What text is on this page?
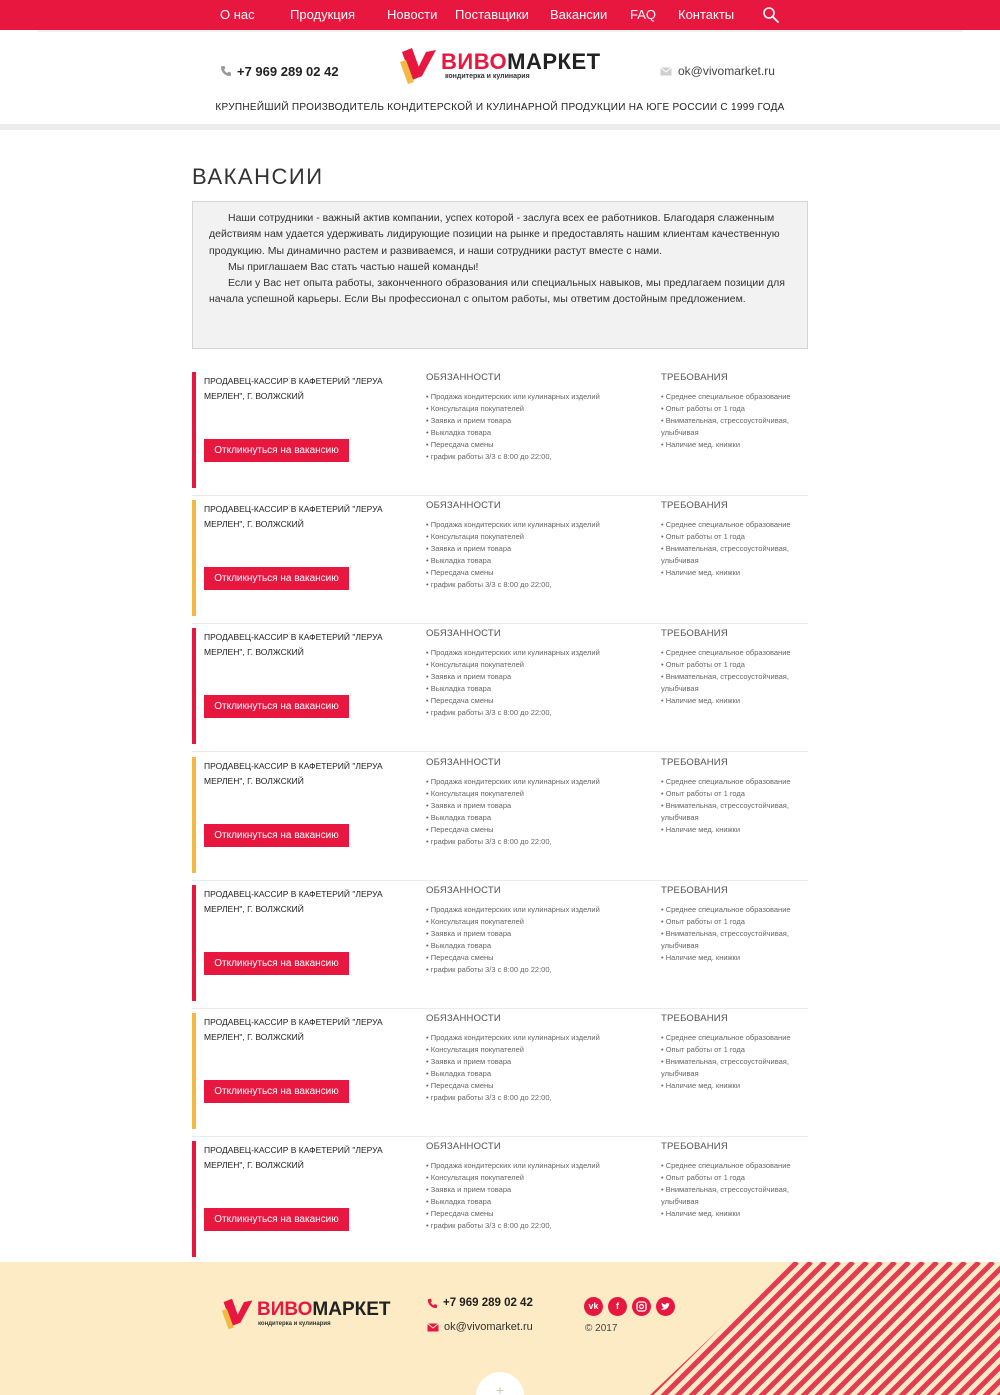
О нас	Продукция Новости Поставщики Вакансии FAQ Контакты
+7 969 289 02 42	ВИВОМАРКЕТ
кондитерка и кулинария	ok@vivomarket.ru
КРУПНЕЙШИЙ ПРОИЗВОДИТЕЛЬ КОНДИТЕРСКОЙ И КУЛИНАРНОЙ ПРОДУКЦИИ НА ЮГЕ РОССИИ С 1999 ГОДА
ВАКАНСИИ

Наши сотрудники - важный актив компании, успех которой - заслуга всех ее работников. Благодаря слаженным действиям нам удается удерживать лидирующие позиции на рынке и предоставлять нашим клиентам качественную продукцию. Мы динамично растем и развиваемся, и наши сотрудники растут вместе с нами.

Мы приглашаем Вас стать частью нашей команды!

Если у Вас нет опыта работы, законченного образования или специальных навыков, мы предлагаем позиции для начала успешной карьеры. Если Вы профессионал с опытом работы, мы ответим достойным предложением.

ПРОДАВЕЦ-КАССИР В КАФЕТЕРИЙ "ЛЕРУА МЕРЛЕН", Г. ВОЛЖСКИЙ
Откликнуться на вакансию
ОБЯЗАННОСТИ
• Продажа кондитерских или кулинарных изделий
• Консультация покупателей
• Заявка и прием товара
• Выкладка товара
• Пересдача смены
• график работы 3/3 с 8:00 до 22:00,
ТРЕБОВАНИЯ
• Среднее специальное образование
• Опыт работы от 1 года
• Внимательная, стрессоустойчивая, улыбчивая
• Наличие мед. книжки
ПРОДАВЕЦ-КАССИР В КАФЕТЕРИЙ "ЛЕРУА МЕРЛЕН", Г. ВОЛЖСКИЙ
Откликнуться на вакансию
ОБЯЗАННОСТИ
• Продажа кондитерских или кулинарных изделий
• Консультация покупателей
• Заявка и прием товара
• Выкладка товара
• Пересдача смены
• график работы 3/3 с 8:00 до 22:00,
ТРЕБОВАНИЯ
• Среднее специальное образование
• Опыт работы от 1 года
• Внимательная, стрессоустойчивая, улыбчивая
• Наличие мед. книжки
ПРОДАВЕЦ-КАССИР В КАФЕТЕРИЙ "ЛЕРУА МЕРЛЕН", Г. ВОЛЖСКИЙ
Откликнуться на вакансию
ОБЯЗАННОСТИ
• Продажа кондитерских или кулинарных изделий
• Консультация покупателей
• Заявка и прием товара
• Выкладка товара
• Пересдача смены
• график работы 3/3 с 8:00 до 22:00,
ТРЕБОВАНИЯ
• Среднее специальное образование
• Опыт работы от 1 года
• Внимательная, стрессоустойчивая, улыбчивая
• Наличие мед. книжки
ПРОДАВЕЦ-КАССИР В КАФЕТЕРИЙ "ЛЕРУА МЕРЛЕН", Г. ВОЛЖСКИЙ
Откликнуться на вакансию
ОБЯЗАННОСТИ
• Продажа кондитерских или кулинарных изделий
• Консультация покупателей
• Заявка и прием товара
• Выкладка товара
• Пересдача смены
• график работы 3/3 с 8:00 до 22:00,
ТРЕБОВАНИЯ
• Среднее специальное образование
• Опыт работы от 1 года
• Внимательная, стрессоустойчивая, улыбчивая
• Наличие мед. книжки
ПРОДАВЕЦ-КАССИР В КАФЕТЕРИЙ "ЛЕРУА МЕРЛЕН", Г. ВОЛЖСКИЙ
Откликнуться на вакансию
ОБЯЗАННОСТИ
• Продажа кондитерских или кулинарных изделий
• Консультация покупателей
• Заявка и прием товара
• Выкладка товара
• Пересдача смены
• график работы 3/3 с 8:00 до 22:00,
ТРЕБОВАНИЯ
• Среднее специальное образование
• Опыт работы от 1 года
• Внимательная, стрессоустойчивая, улыбчивая
• Наличие мед. книжки
ПРОДАВЕЦ-КАССИР В КАФЕТЕРИЙ "ЛЕРУА МЕРЛЕН", Г. ВОЛЖСКИЙ
Откликнуться на вакансию
ОБЯЗАННОСТИ
• Продажа кондитерских или кулинарных изделий
• Консультация покупателей
• Заявка и прием товара
• Выкладка товара
• Пересдача смены
• график работы 3/3 с 8:00 до 22:00,
ТРЕБОВАНИЯ
• Среднее специальное образование
• Опыт работы от 1 года
• Внимательная, стрессоустойчивая, улыбчивая
• Наличие мед. книжки
ПРОДАВЕЦ-КАССИР В КАФЕТЕРИЙ "ЛЕРУА МЕРЛЕН", Г. ВОЛЖСКИЙ
Откликнуться на вакансию
ОБЯЗАННОСТИ
• Продажа кондитерских или кулинарных изделий
• Консультация покупателей
• Заявка и прием товара
• Выкладка товара
• Пересдача смены
• график работы 3/3 с 8:00 до 22:00,
ТРЕБОВАНИЯ
• Среднее специальное образование
• Опыт работы от 1 года
• Внимательная, стрессоустойчивая, улыбчивая
• Наличие мед. книжки
ВИВОМАРКЕТ
кондитерка и кулинария
+7 969 289 02 42
ok@vivomarket.ru
vk	f
© 2017
+
